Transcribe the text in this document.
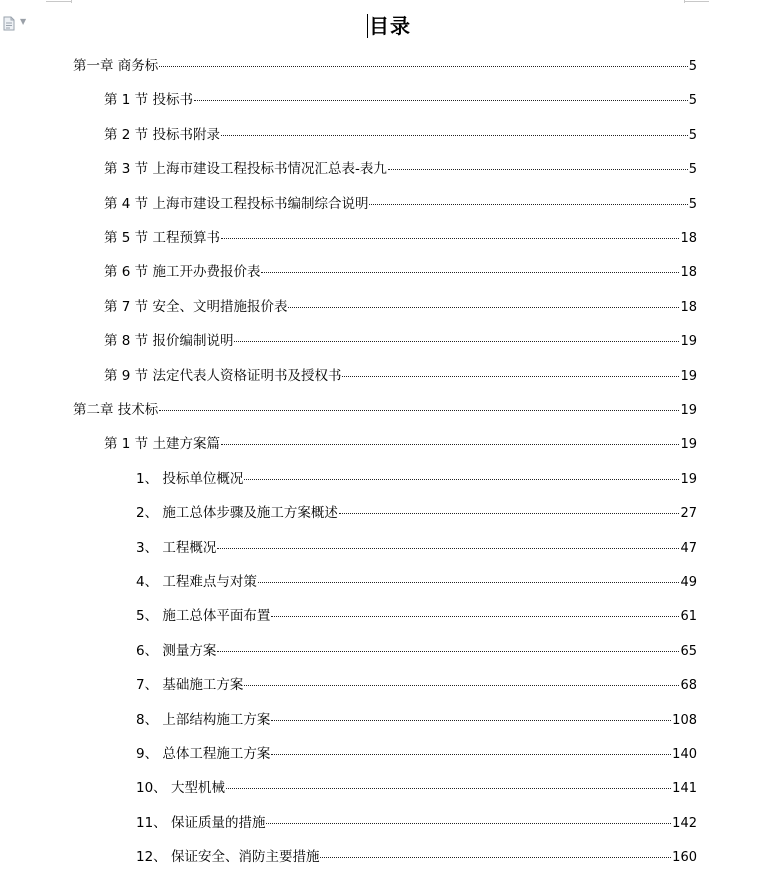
▼	目录
第一章 商务标	5
第 1 节 投标书	5
第 2 节 投标书附录	5
第 3 节 上海市建设工程投标书情况汇总表-表九	5
第 4 节 上海市建设工程投标书编制综合说明	5
第 5 节 工程预算书	18
第 6 节 施工开办费报价表	18
第 7 节 安全、文明措施报价表	18
第 8 节 报价编制说明	19
第 9 节 法定代表人资格证明书及授权书	19
第二章 技术标	19
第 1 节 土建方案篇	19
1、 投标单位概况	19
2、 施工总体步骤及施工方案概述	27
3、 工程概况	47
4、 工程难点与对策	49
5、 施工总体平面布置	61
6、 测量方案	65
7、 基础施工方案	68
8、 上部结构施工方案	108
9、 总体工程施工方案	140
10、 大型机械	141
11、 保证质量的措施	142
12、 保证安全、消防主要措施	160
